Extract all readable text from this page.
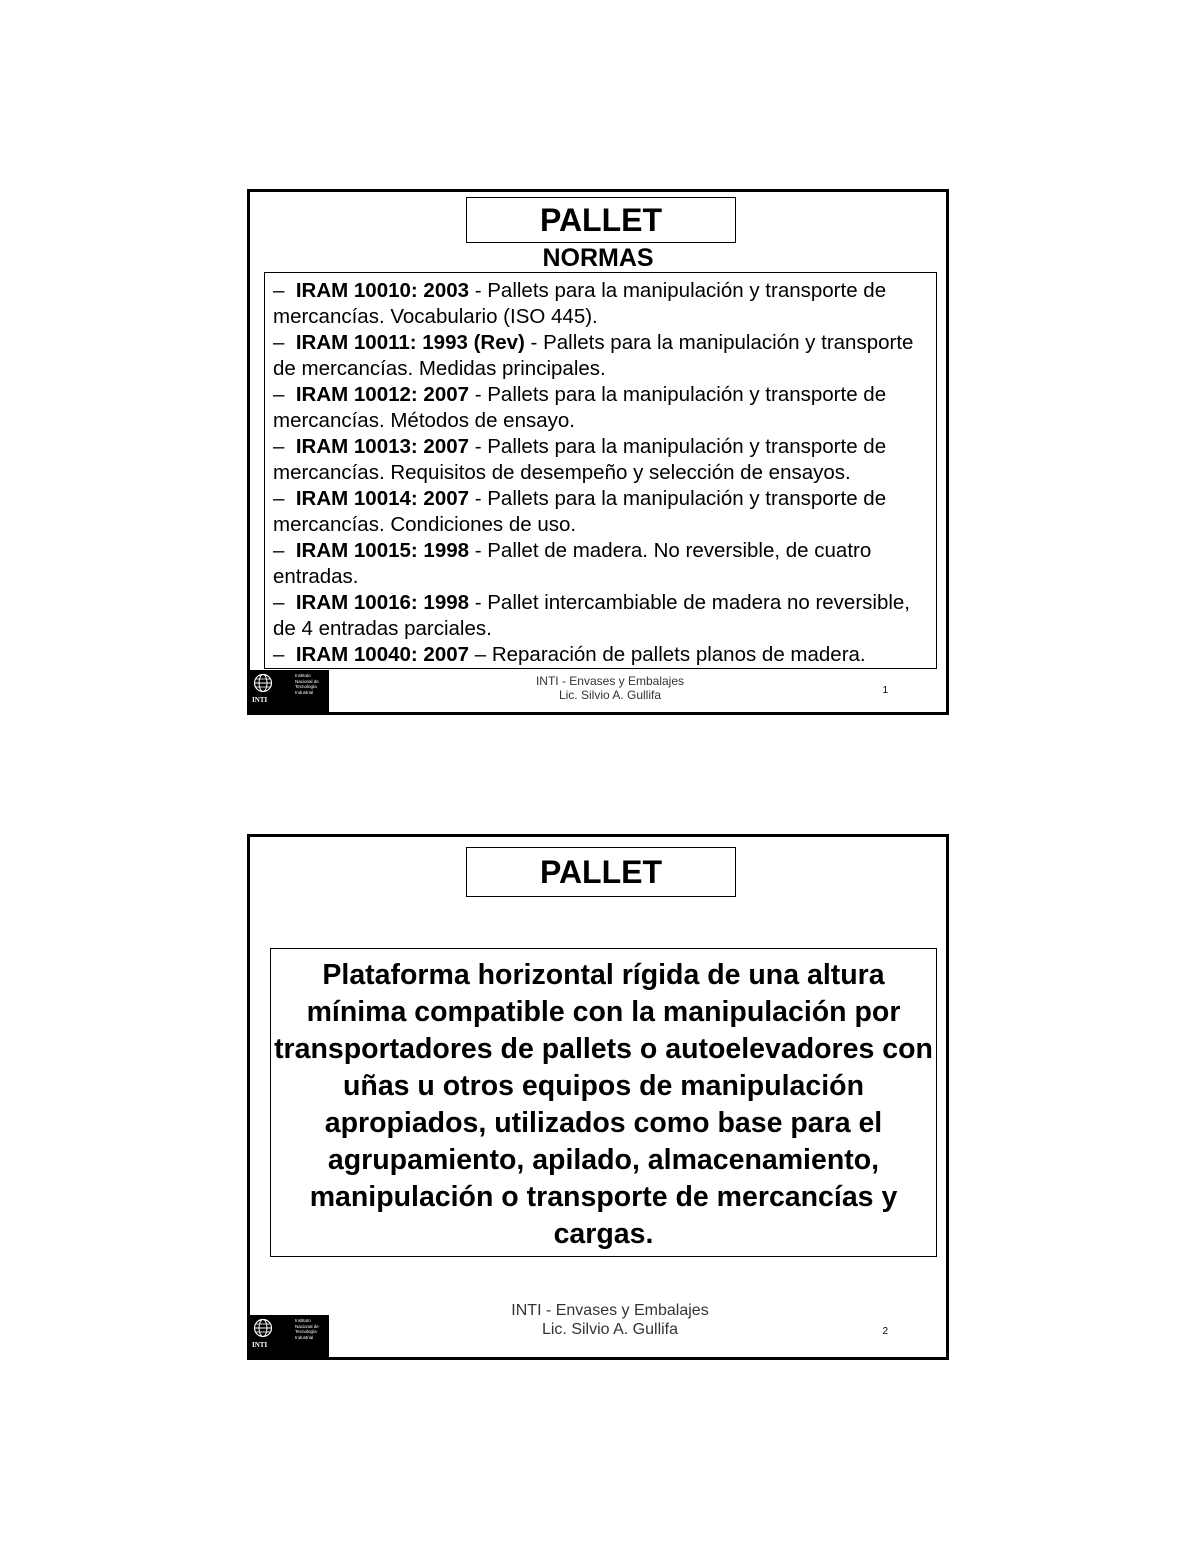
PALLET
NORMAS

– IRAM 10010: 2003 - Pallets para la manipulación y transporte de mercancías. Vocabulario (ISO 445).

– IRAM 10011: 1993 (Rev) - Pallets para la manipulación y transporte de mercancías. Medidas principales.

– IRAM 10012: 2007 - Pallets para la manipulación y transporte de mercancías. Métodos de ensayo.

– IRAM 10013: 2007 - Pallets para la manipulación y transporte de mercancías. Requisitos de desempeño y selección de ensayos.

– IRAM 10014: 2007 - Pallets para la manipulación y transporte de mercancías. Condiciones de uso.

– IRAM 10015: 1998 - Pallet de madera. No reversible, de cuatro entradas.

– IRAM 10016: 1998 - Pallet intercambiable de madera no reversible, de 4 entradas parciales.

– IRAM 10040: 2007 – Reparación de pallets planos de madera.

INTI
Instituto Nacional de Tecnología Industrial
INTI - Envases y Embalajes
Lic. Silvio A. Gullifa	1
PALLET
Plataforma horizontal rígida de una altura mínima compatible con la manipulación por transportadores de pallets o autoelevadores con uñas u otros equipos de manipulación apropiados, utilizados como base para el agrupamiento, apilado, almacenamiento, manipulación o transporte de mercancías y cargas.
INTI
Instituto Nacional de Tecnología Industrial
INTI - Envases y Embalajes
Lic. Silvio A. Gullifa	2
